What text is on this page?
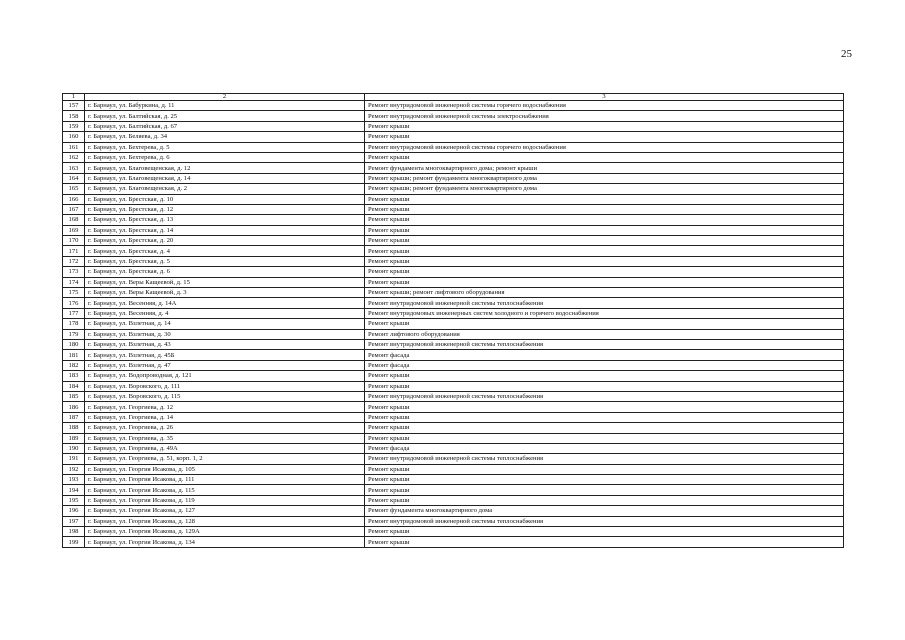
25
1	2	3
157	г. Барнаул, ул. Бабуркина, д. 11	Ремонт внутридомовой инженерной системы горячего водоснабжения
158	г. Барнаул, ул. Балтийская, д. 25	Ремонт внутридомовой инженерной системы электроснабжения
159	г. Барнаул, ул. Балтийская, д. 67	Ремонт крыши
160	г. Барнаул, ул. Беляева, д. 34	Ремонт крыши
161	г. Барнаул, ул. Бехтерева, д. 5	Ремонт внутридомовой инженерной системы горячего водоснабжения
162	г. Барнаул, ул. Бехтерева, д. 6	Ремонт крыши
163	г. Барнаул, ул. Благовещенская, д. 12	Ремонт фундамента многоквартирного дома; ремонт крыши
164	г. Барнаул, ул. Благовещенская, д. 14	Ремонт крыши; ремонт фундамента многоквартирного дома
165	г. Барнаул, ул. Благовещенская, д. 2	Ремонт крыши; ремонт фундамента многоквартирного дома
166	г. Барнаул, ул. Брестская, д. 10	Ремонт крыши
167	г. Барнаул, ул. Брестская, д. 12	Ремонт крыши
168	г. Барнаул, ул. Брестская, д. 13	Ремонт крыши
169	г. Барнаул, ул. Брестская, д. 14	Ремонт крыши
170	г. Барнаул, ул. Брестская, д. 20	Ремонт крыши
171	г. Барнаул, ул. Брестская, д. 4	Ремонт крыши
172	г. Барнаул, ул. Брестская, д. 5	Ремонт крыши
173	г. Барнаул, ул. Брестская, д. 6	Ремонт крыши
174	г. Барнаул, ул. Веры Кащеевой, д. 15	Ремонт крыши
175	г. Барнаул, ул. Веры Кащеевой, д. 3	Ремонт крыши; ремонт лифтового оборудования
176	г. Барнаул, ул. Весенняя, д. 14А	Ремонт внутридомовой инженерной системы теплоснабжения
177	г. Барнаул, ул. Весенняя, д. 4	Ремонт внутридомовых инженерных систем холодного и горячего водоснабжения
178	г. Барнаул, ул. Взлетная, д. 14	Ремонт крыши
179	г. Барнаул, ул. Взлетная, д. 30	Ремонт лифтового оборудования
180	г. Барнаул, ул. Взлетная, д. 43	Ремонт внутридомовой инженерной системы теплоснабжения
181	г. Барнаул, ул. Взлетная, д. 45Б	Ремонт фасада
182	г. Барнаул, ул. Взлетная, д. 47	Ремонт фасада
183	г. Барнаул, ул. Водопроводная, д. 121	Ремонт крыши
184	г. Барнаул, ул. Воровского, д. 111	Ремонт крыши
185	г. Барнаул, ул. Воровского, д. 115	Ремонт внутридомовой инженерной системы теплоснабжения
186	г. Барнаул, ул. Георгиева, д. 12	Ремонт крыши
187	г. Барнаул, ул. Георгиева, д. 14	Ремонт крыши
188	г. Барнаул, ул. Георгиева, д. 26	Ремонт крыши
189	г. Барнаул, ул. Георгиева, д. 35	Ремонт крыши
190	г. Барнаул, ул. Георгиева, д. 49А	Ремонт фасада
191	г. Барнаул, ул. Георгиева, д. 51, корп. 1, 2	Ремонт внутридомовой инженерной системы теплоснабжения
192	г. Барнаул, ул. Георгия Исакова, д. 105	Ремонт крыши
193	г. Барнаул, ул. Георгия Исакова, д. 111	Ремонт крыши
194	г. Барнаул, ул. Георгия Исакова, д. 115	Ремонт крыши
195	г. Барнаул, ул. Георгия Исакова, д. 119	Ремонт крыши
196	г. Барнаул, ул. Георгия Исакова, д. 127	Ремонт фундамента многоквартирного дома
197	г. Барнаул, ул. Георгия Исакова, д. 128	Ремонт внутридомовой инженерной системы теплоснабжения
198	г. Барнаул, ул. Георгия Исакова, д. 129А	Ремонт крыши
199	г. Барнаул, ул. Георгия Исакова, д. 134	Ремонт крыши
